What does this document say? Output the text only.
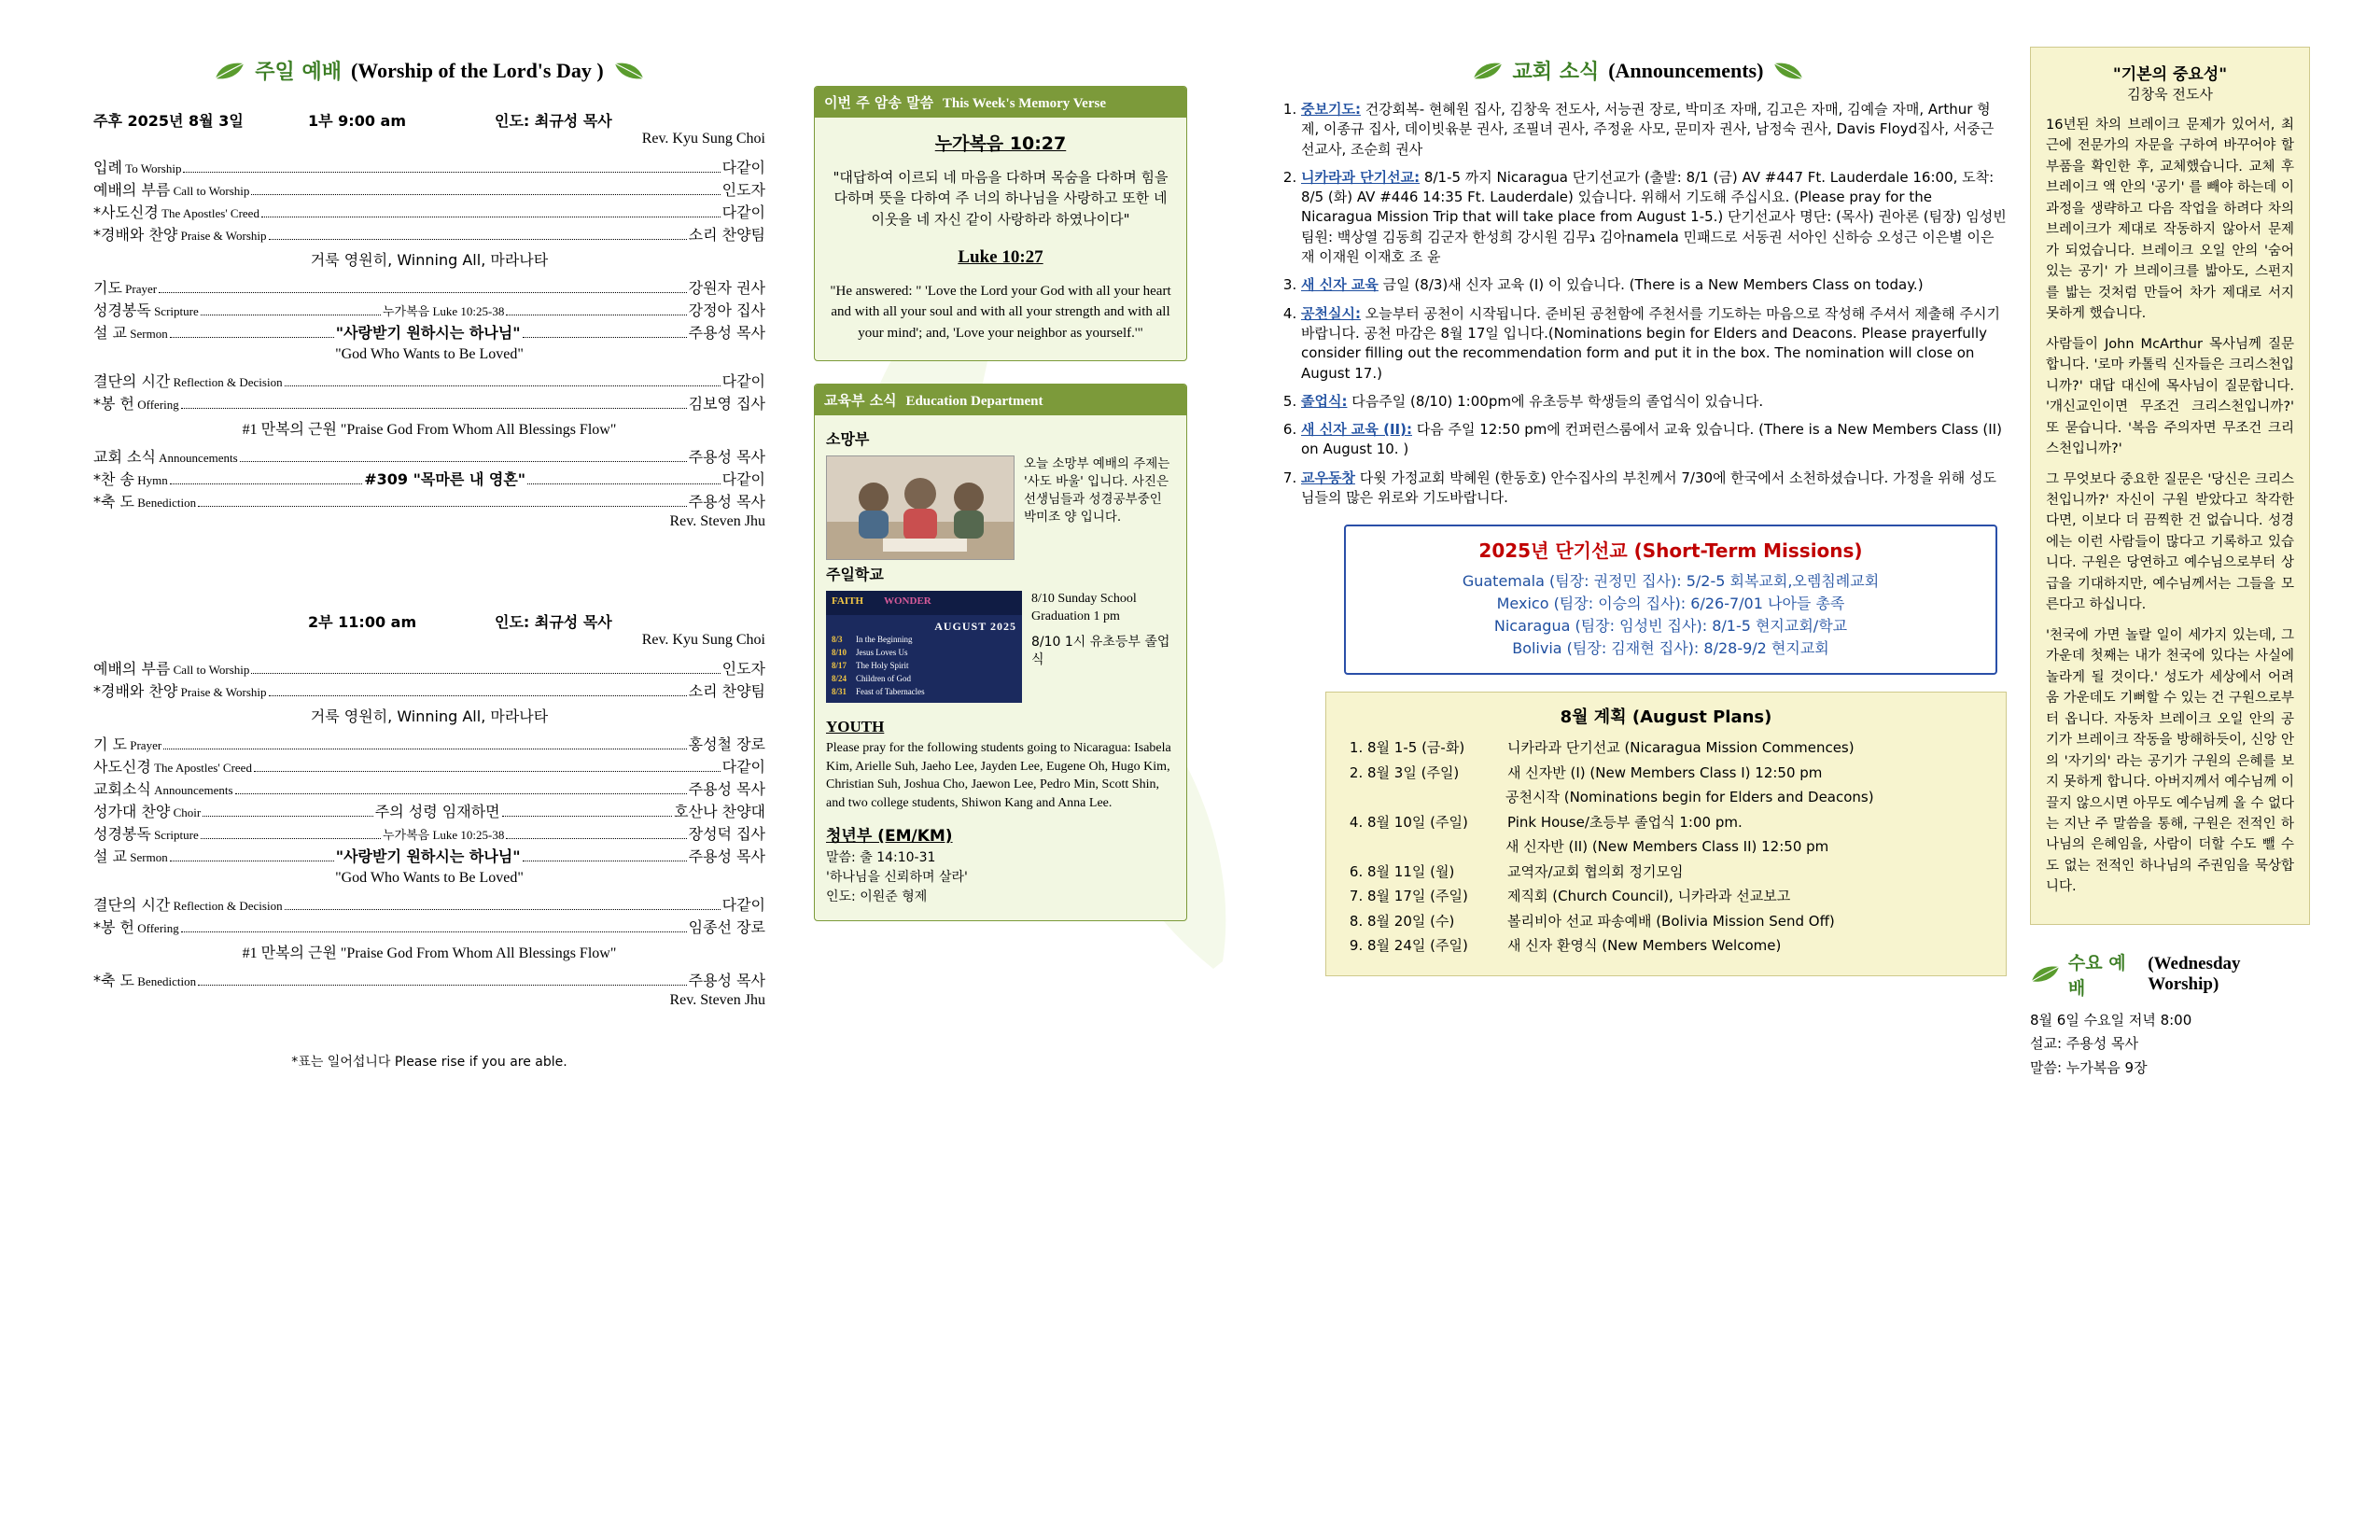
주일 예배 (Worship of the Lord's Day )
주후 2025년 8월 3일	1부 9:00 am	인도: 최규성 목사
Rev. Kyu Sung Choi
입례 To Worship	다같이
예배의 부름 Call to Worship	인도자
*사도신경 The Apostles' Creed	다같이
*경배와 찬양 Praise & Worship	소리 찬양팀
거룩 영원히, Winning All, 마라나타
기도 Prayer	강원자 권사
성경봉독 Scripture	누가복음 Luke 10:25-38	강정아 집사
설 교 Sermon	"사랑받기 원하시는 하나님"	주용성 목사
"God Who Wants to Be Loved"
결단의 시간 Reflection & Decision	다같이
*봉 헌 Offering	김보영 집사
#1 만복의 근원 "Praise God From Whom All Blessings Flow"
교회 소식 Announcements	주용성 목사
*찬 송 Hymn	#309 "목마른 내 영혼"	다같이
*축 도 Benediction	주용성 목사
Rev. Steven Jhu
2부 11:00 am	인도: 최규성 목사
Rev. Kyu Sung Choi
예배의 부름 Call to Worship	인도자
*경배와 찬양 Praise & Worship	소리 찬양팀
거룩 영원히, Winning All, 마라나타
기 도 Prayer	홍성철 장로
사도신경 The Apostles' Creed	다같이
교회소식 Announcements	주용성 목사
성가대 찬양 Choir	주의 성령 임재하면	호산나 찬양대
성경봉독 Scripture	누가복음 Luke 10:25-38	장성덕 집사
설 교 Sermon	"사랑받기 원하시는 하나님"	주용성 목사
"God Who Wants to Be Loved"
결단의 시간 Reflection & Decision	다같이
*봉 헌 Offering	임종선 장로
#1 만복의 근원 "Praise God From Whom All Blessings Flow"
*축 도 Benediction	주용성 목사
Rev. Steven Jhu
*표는 일어섭니다 Please rise if you are able.
이번 주 암송 말씀 This Week's Memory Verse
누가복음 10:27
"대답하여 이르되 네 마음을 다하며 목숨을 다하며 힘을 다하며 뜻을 다하여 주 너의 하나님을 사랑하고 또한 네 이웃을 네 자신 같이 사랑하라 하였나이다"
Luke 10:27
"He answered: " 'Love the Lord your God with all your heart and with all your soul and with all your strength and with all your mind'; and, 'Love your neighbor as yourself.'"
교육부 소식 Education Department
소망부
오늘 소망부 예배의 주제는 '사도 바울' 입니다. 사진은 선생님들과 성경공부중인 박미조 양 입니다.
주일학교
FAITH WONDER
AUGUST 2025
8/3	In the Beginning
8/10	Jesus Loves Us
8/17	The Holy Spirit
8/24	Children of God
8/31	Feast of Tabernacles
8/10 Sunday School Graduation 1 pm
8/10 1시 유초등부 졸업식
YOUTH
Please pray for the following students going to Nicaragua: Isabela Kim, Arielle Suh, Jaeho Lee, Jayden Lee, Eugene Oh, Hugo Kim, Christian Suh, Joshua Cho, Jaewon Lee, Pedro Min, Scott Shin, and two college students, Shiwon Kang and Anna Lee.
청년부 (EM/KM)
말씀: 출 14:10-31
'하나님을 신뢰하며 살라'
인도: 이원준 형제
교회 소식 (Announcements)
1. 중보기도: 건강회복- 현혜원 집사, 김창욱 전도사, 서능권 장로, 박미조 자매, 김고은 자매, 김예슬 자매, Arthur 형제, 이종규 집사, 데이빗윢분 권사, 조필녀 권사, 주정윤 사모, 문미자 권사, 남정숙 권사, Davis Floyd집사, 서중근 선교사, 조순희 권사
2. 니카라과 단기선교: 8/1-5 까지 Nicaragua 단기선교가 (출발: 8/1 (금) AV #447 Ft. Lauderdale 16:00, 도착: 8/5 (화) AV #446 14:35 Ft. Lauderdale) 있습니다. 위해서 기도해 주십시요. (Please pray for the Nicaragua Mission Trip that will take place from August 1-5.) 단기선교사 명단: (목사) 권아론 (팀장) 임성빈 팀원: 백상열 김동희 김군자 한성희 강시원 김무ג 김아namela 민패드로 서동권 서아인 신하승 오성근 이은별 이은재 이재원 이재호 조 윤
3. 새 신자 교육 금일 (8/3)새 신자 교육 (I) 이 있습니다. (There is a New Members Class on today.)
4. 공천실시: 오늘부터 공천이 시작됩니다. 준비된 공천함에 주천서를 기도하는 마음으로 작성해 주셔서 제출해 주시기 바랍니다. 공천 마감은 8월 17일 입니다.(Nominations begin for Elders and Deacons. Please prayerfully consider filling out the recommendation form and put it in the box. The nomination will close on August 17.)
5. 졸업식: 다음주일 (8/10) 1:00pm에 유초등부 학생들의 졸업식이 있습니다.
6. 새 신자 교육 (II): 다음 주일 12:50 pm에 컨퍼런스룸에서 교육 있습니다. (There is a New Members Class (II) on August 10. )
7. 교우동창 다윗 가정교회 박혜원 (한동호) 안수집사의 부친께서 7/30에 한국에서 소천하셨습니다. 가정을 위해 성도님들의 많은 위로와 기도바랍니다.
2025년 단기선교 (Short-Term Missions)
Guatemala (팀장: 권정민 집사): 5/2-5 회복교회,오렘침례교회
Mexico (팀장: 이승의 집사): 6/26-7/01 나아들 총족
Nicaragua (팀장: 임성빈 집사): 8/1-5 현지교회/학교
Bolivia (팀장: 김재현 집사): 8/28-9/2 현지교회
8월 계획 (August Plans)
1. 8월 1-5 (금-화)	니카라과 단기선교 (Nicaragua Mission Commences)
2. 8월 3일 (주일)	새 신자반 (I) (New Members Class I) 12:50 pm
공천시작 (Nominations begin for Elders and Deacons)
4. 8월 10일 (주일)	Pink House/초등부 졸업식 1:00 pm.
새 신자반 (II) (New Members Class II) 12:50 pm
6. 8월 11일 (월)	교역자/교회 협의회 정기모임
7. 8월 17일 (주일)	제직회 (Church Council), 니카라과 선교보고
8. 8월 20일 (수)	볼리비아 선교 파송예배 (Bolivia Mission Send Off)
9. 8월 24일 (주일)	새 신자 환영식 (New Members Welcome)
"기본의 중요성"
김창욱 전도사

16년된 차의 브레이크 문제가 있어서, 최근에 전문가의 자문을 구하여 바꾸어야 할 부품을 확인한 후, 교체했습니다. 교체 후 브레이크 액 안의 '공기' 를 빼야 하는데 이 과정을 생략하고 다음 작업을 하려다 차의 브레이크가 제대로 작동하지 않아서 문제가 되었습니다. 브레이크 오일 안의 '숨어있는 공기' 가 브레이크를 밟아도, 스펀지를 밟는 것처럼 만들어 차가 제대로 서지 못하게 했습니다.

사람들이 John McArthur 목사님께 질문합니다. '로마 카톨릭 신자들은 크리스천입니까?' 대답 대신에 목사님이 질문합니다. '개신교인이면 무조건 크리스천입니까?' 또 묻습니다. '복음 주의자면 무조건 크리스천입니까?'

그 무엇보다 중요한 질문은 '당신은 크리스천입니까?' 자신이 구원 받았다고 착각한다면, 이보다 더 끔찍한 건 없습니다. 성경에는 이런 사람들이 많다고 기록하고 있습니다. 구원은 당연하고 예수님으로부터 상급을 기대하지만, 예수님께서는 그들을 모른다고 하십니다.

'천국에 가면 놀랄 일이 세가지 있는데, 그 가운데 첫째는 내가 천국에 있다는 사실에 놀라게 될 것이다.' 성도가 세상에서 어려움 가운데도 기뻐할 수 있는 건 구원으로부터 옵니다. 자동차 브레이크 오일 안의 공기가 브레이크 작동을 방해하듯이, 신앙 안의 '자기의' 라는 공기가 구원의 은혜를 보지 못하게 합니다. 아버지께서 예수님께 이끌지 않으시면 아무도 예수님께 올 수 없다는 지난 주 말씀을 통해, 구원은 전적인 하나님의 은혜임을, 사람이 더할 수도 뺄 수도 없는 전적인 하나님의 주권임을 묵상합니다.

수요 예배
(Wednesday Worship)
8월 6일 수요일 저녁 8:00
설교: 주용성 목사
말씀: 누가복음 9장
